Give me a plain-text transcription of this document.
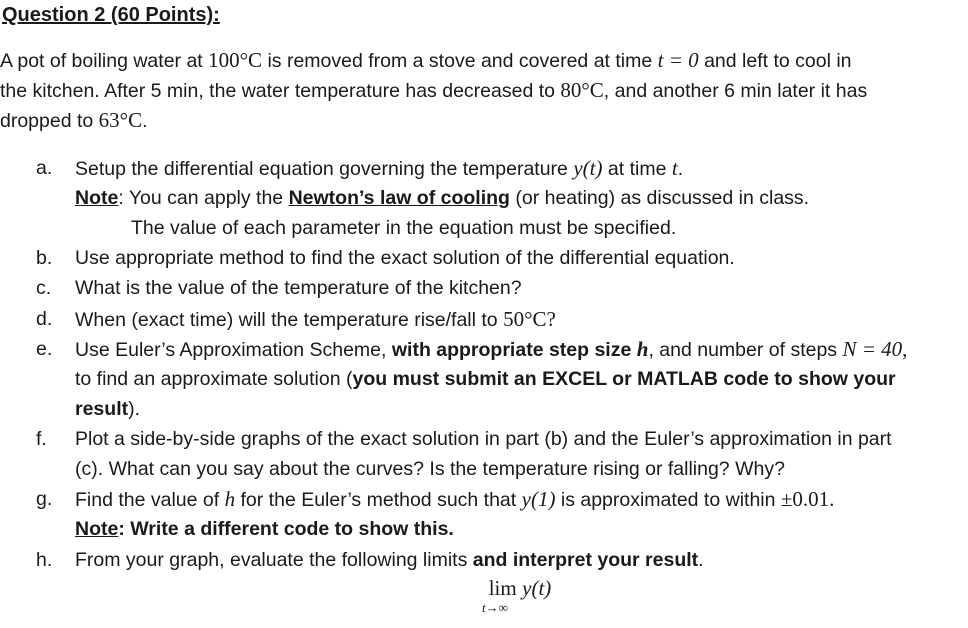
Question 2 (60 Points):
A pot of boiling water at 100°C is removed from a stove and covered at time t = 0 and left to cool in
the kitchen. After 5 min, the water temperature has decreased to 80°C, and another 6 min later it has
dropped to 63°C.
a.	Setup the differential equation governing the temperature y(t) at time t.
Note: You can apply the Newton’s law of cooling (or heating) as discussed in class.
The value of each parameter in the equation must be specified.
b.	Use appropriate method to find the exact solution of the differential equation.
c.	What is the value of the temperature of the kitchen?
d.	When (exact time) will the temperature rise/fall to 50°C?
e.	Use Euler’s Approximation Scheme, with appropriate step size h, and number of steps N = 40,
to find an approximate solution (you must submit an EXCEL or MATLAB code to show your
result).
f.	Plot a side-by-side graphs of the exact solution in part (b) and the Euler’s approximation in part
(c). What can you say about the curves? Is the temperature rising or falling? Why?
g.	Find the value of h for the Euler’s method such that y(1) is approximated to within ±0.01.
Note: Write a different code to show this.
h.	From your graph, evaluate the following limits and interpret your result.
lim y(t)
t→∞
